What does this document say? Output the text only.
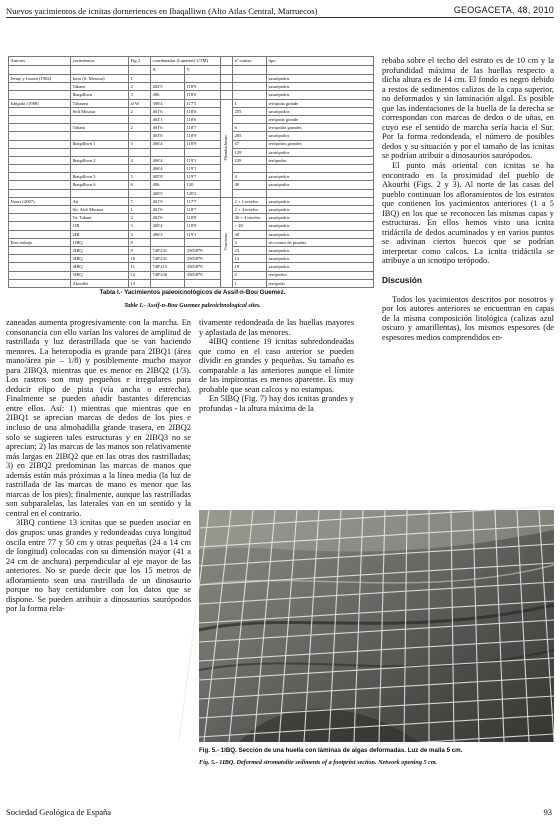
Nuevos yacimientos de icnitas dorneriences en Ibaqalliwn (Alto Atlas Central, Marruecos)	GEOGACETA, 48, 2010
Autores	yacimientos	Fig 2	coordenadas (Lambert) UTM)			nº icnitas	tipo
			X	Y			
Jenny y Jossen (1982)	Izrar (S. Moussa)	1					saurópodos
	Tabant	2	402'5	118'9			saurópodos
	Ibaqalliwn	3	406	118'6			saurópodos
Ishigaki (1988)	Talsnant	al W	398'4	117'5	Pliensbachiense	1	terópoda grande
	Sidi Moussa	2	401'6	118'6		255	saurópodos
			402'1	118'6			terópoda grande
	Tabant	2	401'6	118'7		6	terópodas grandes
			403'0	118'9		205	saurópodos
	Ibaqalliwn 1	3	406'4	118'9		47	terópodas grandes
						129	saurópodos
	Ibaqalliwn 2	4	406'4	119'1		239	terópodas
			406'4	119'1			
	Ibaqalliwn 5	5	405'8	119'7		4	saurópodos
	Ibaqalliwn 6	6	406	120		40	saurópodos
			406'5	120'2			
Nouri (2007)	Ait	7	401'9	117'7	Toarciense	2 + 1 niveles	saurópodos
	Sti. Aidi Moussa	1	401'6	118'7		2 + 4 niveles	saurópodos
	Ta. Tabant	2	402'6	118'8		36 + 4 niveles	saurópodos
	1IB	3	406'4	118'9		> 40	saurópodos
	2IB	3	406'3	119'1		40	saurópodos
Este trabajo	1IBQ	8				3	secciones de pisadas
	2IBQ	9	748'231	3505879		23	saurópodos
	3IBQ	10	748'231	3505879		13	saurópodos
	4IBQ	11	748'215	3505879		19	saurópodos
	5IBQ	12	748'236	3505879		2	terópodos
	Akourbi	13				1	terópodo
Tabla I.- Yacimientos paleoicnológicos de Assif-n-Bou Guemez.
Table I.- Assif-n-Bou Guemez paleoichnological sites.

zaneadas aumenta progresivamente con la marcha. En consonancia con ello varían los valores de amplitud de rastrillada y luz derastrillada que se van haciendo menores. La heteropodia es grande para 2IBQ1 (área mano/área pie – 1/8) y posiblemente mucho mayor para 2IBQ3, mientras que es menor en 2IBQ2 (1/3). Los rastros son muy pequeños e irregulares para deducir elipo de pista (vía ancha o estrecha). Finalmente se pueden añadir bastantes diferencias entre ellos. Así: 1) mientras que mientras que en 2IBQ1 se aprecian marcas de dedos de los pies e incluso de una almohadilla grande trasera, en 2IBQ2 solo se sugieren tales estructuras y en 2IBQ3 no se aprecian; 2) las marcas de las manos son relativamente más largas en 2IBQ2 que en las otras dos rastrilladas; 3) en 2IBQ2 predominan las marcas de manos que además están más próximas a la línea media (la luz de rastrillada de las marcas de mano es menor que las marcas de los pies); finalmente, aunque las rastrilladas son subparalelas, las laterales van en un sentido y la central en el contrario.

3IBQ contiene 13 icnitas que se pueden asociar en dos grupos: unas grandes y redondeadas cuya longitud oscila entre 77 y 50 cm y otras pequeñas (24 a 14 cm de longitud) colocadas con su dimensión mayor (41 a 24 cm de anchura) perpendicular al eje mayor de las anteriores. No se puede decir que los 15 metros de afloramiento sean una rastrillada de un dinosaurio porque no hay certidumbre con los datos que se dispone. Se pueden atribuir a dinosaurios saurópodos por la forma rela-

tivamente redondeada de las huellas mayores y aplastada de las menores.

4IBQ contiene 19 icnitas subredondeadas que como en el caso anterior se pueden dividir en grandes y pequeñas. Su tamaño es comparable a las anteriores aunque el límite de las impirontas es menos aparente. Es muy probable que sean calcos y no estampas.

En 5IBQ (Fig. 7) hay dos icnitas grandes y profundas - la altura máxima de la

rebaba sobre el techo del estrato es de 10 cm y la profundidad máxima de las huellas respecto a dicha altura es de 14 cm. El fondo es negro debido a restos de sedimentos calizos de la capa superior, no deformados y sin laminación algal. Es posible que las indentaciones de la huella de la derecha se correspondan con marcas de dedos o de uñas, en cuyo ese el sentido de marcha sería hacia el Sur. Por la forma redondeada, el número de posibles dedos y su situación y por el tamaño de las icnitas se podrían atribuir a dinosaurios saurópodos.

El punto más oriental con icnitas se ha encontrado en la proximidad del pueblo de Akourbi (Figs. 2 y 3). Al norte de las casas del pueblo continuan los afloramientos de los estratos que contienen los yacimientos anteriores (1 a 5 IBQ) en los que se reconocen las mismas capas y estructuras. En ellos hemos visto una icnita tridáctila de dedos acuminados y en varios puntos se adivinan ciertos huecos que se podrían interpretar como calcos. La icnita tridáctila se atribuye a un icnotipo terópodo.

Discusión

Todos los yacimientos descritos por nosotros y por los autores anteriores se encuentran en capas de la misma composición litológica (calizas azul oscuro y amarillentas), los mismos espesores (de espesores medios comprendidos en-

Fig. 5.- 1IBQ. Sección de una huella con láminas de algas deformadas. Luz de malla 5 cm.
Fig. 5.- 1IBQ. Deformed stromatolite sediments of a footprint section. Network opening 5 cm.
Sociedad Geológica de España	93
